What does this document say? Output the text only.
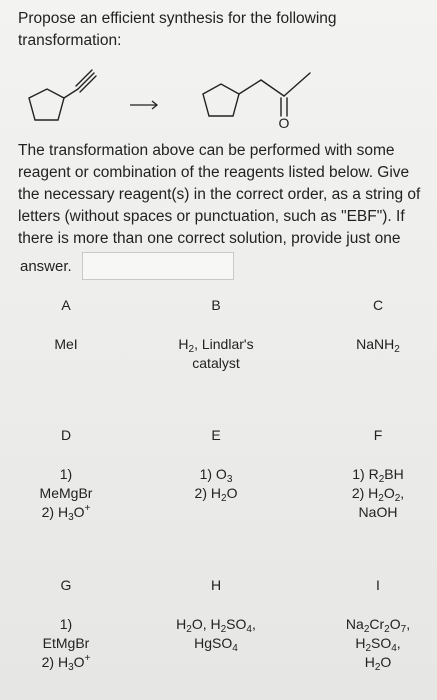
Propose an efficient synthesis for the following transformation:
O
The transformation above can be performed with some reagent or combination of the reagents listed below. Give the necessary reagent(s) in the correct order, as a string of letters (without spaces or punctuation, such as "EBF"). If there is more than one correct solution, provide just one
answer.
A
MeI
B
$H_2$, Lindlar's
catalyst
C
NaNH$_2$
D
1)
MeMgBr
2) $H_3O^+$
E
1) $O_3$
2) $H_2O$
F
1) $R_2BH$
2) $H_2O_2$,
NaOH
G
1)
EtMgBr
2) $H_3O^+$
H
$H_2O$, $H_2SO_4$,
HgSO$_4$
I
$Na_2Cr_2O_7$,
$H_2SO_4$,
$H_2O$
